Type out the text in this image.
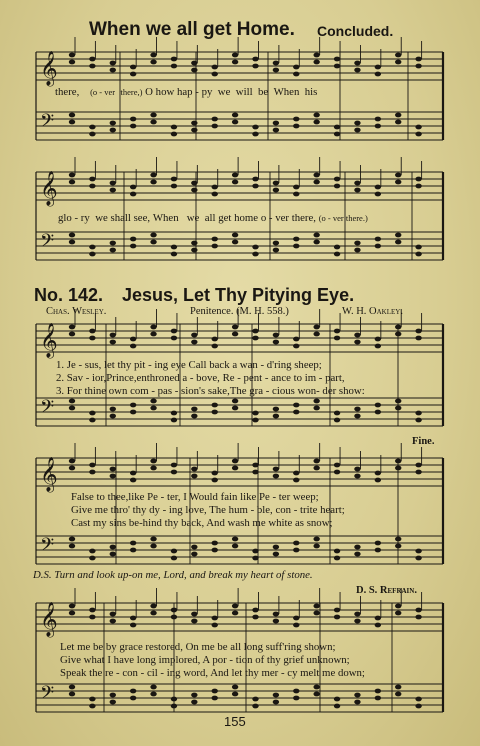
When we all get Home. Concluded.
𝄞
𝄢
𝄞
𝄢
𝄞
𝄢
𝄞
𝄢
𝄞
𝄢
there, (o - ver there,) O how hap - py we will be When his
glo - ry we shall see, When we all get home o - ver there, (o - ver there.)
No. 142. Jesus, Let Thy Pitying Eye.
Chas. Wesley.	Penitence. (M. H. 558.)	W. H. Oakley.
1. Je - sus, let thy pit - ing eye Call back a wan - d'ring sheep;
2. Sav - ior,Prince,enthroned a - bove, Re - pent - ance to im - part,
3. For thine own com - pas - sion's sake,The gra - cious won- der show:
Fine.
False to thee,like Pe - ter, I Would fain like Pe - ter weep;
Give me thro' thy dy - ing love, The hum - ble, con - trite heart;
Cast my sins be-hind thy back, And wash me white as snow;
D.S. Turn and look up-on me, Lord, and break my heart of stone.
D. S. Refrain.
Let me be by grace restored, On me be all long suff'ring shown;
Give what I have long implored, A por - tion of thy grief unknown;
Speak the re - con - cil - ing word, And let thy mer - cy melt me down;
155
